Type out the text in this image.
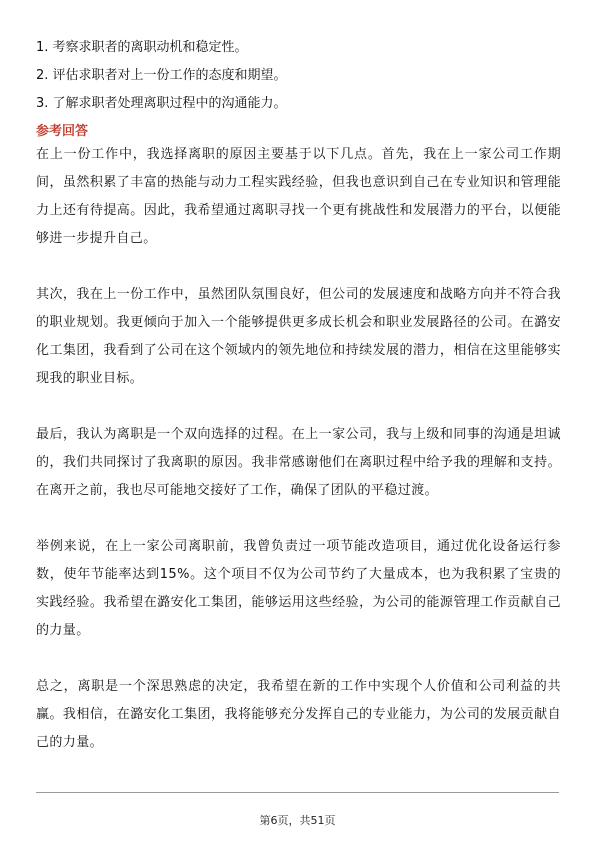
1. 考察求职者的离职动机和稳定性。
2. 评估求职者对上一份工作的态度和期望。
3. 了解求职者处理离职过程中的沟通能力。
参考回答

在上一份工作中，我选择离职的原因主要基于以下几点。首先，我在上一家公司工作期间，虽然积累了丰富的热能与动力工程实践经验，但我也意识到自己在专业知识和管理能力上还有待提高。因此，我希望通过离职寻找一个更有挑战性和发展潜力的平台，以便能够进一步提升自己。

其次，我在上一份工作中，虽然团队氛围良好，但公司的发展速度和战略方向并不符合我的职业规划。我更倾向于加入一个能够提供更多成长机会和职业发展路径的公司。在潞安化工集团，我看到了公司在这个领域内的领先地位和持续发展的潜力，相信在这里能够实现我的职业目标。

最后，我认为离职是一个双向选择的过程。在上一家公司，我与上级和同事的沟通是坦诚的，我们共同探讨了我离职的原因。我非常感谢他们在离职过程中给予我的理解和支持。在离开之前，我也尽可能地交接好了工作，确保了团队的平稳过渡。

举例来说，在上一家公司离职前，我曾负责过一项节能改造项目，通过优化设备运行参数，使年节能率达到15%。这个项目不仅为公司节约了大量成本，也为我积累了宝贵的实践经验。我希望在潞安化工集团，能够运用这些经验，为公司的能源管理工作贡献自己的力量。

总之，离职是一个深思熟虑的决定，我希望在新的工作中实现个人价值和公司利益的共赢。我相信，在潞安化工集团，我将能够充分发挥自己的专业能力，为公司的发展贡献自己的力量。

第6页，共51页
